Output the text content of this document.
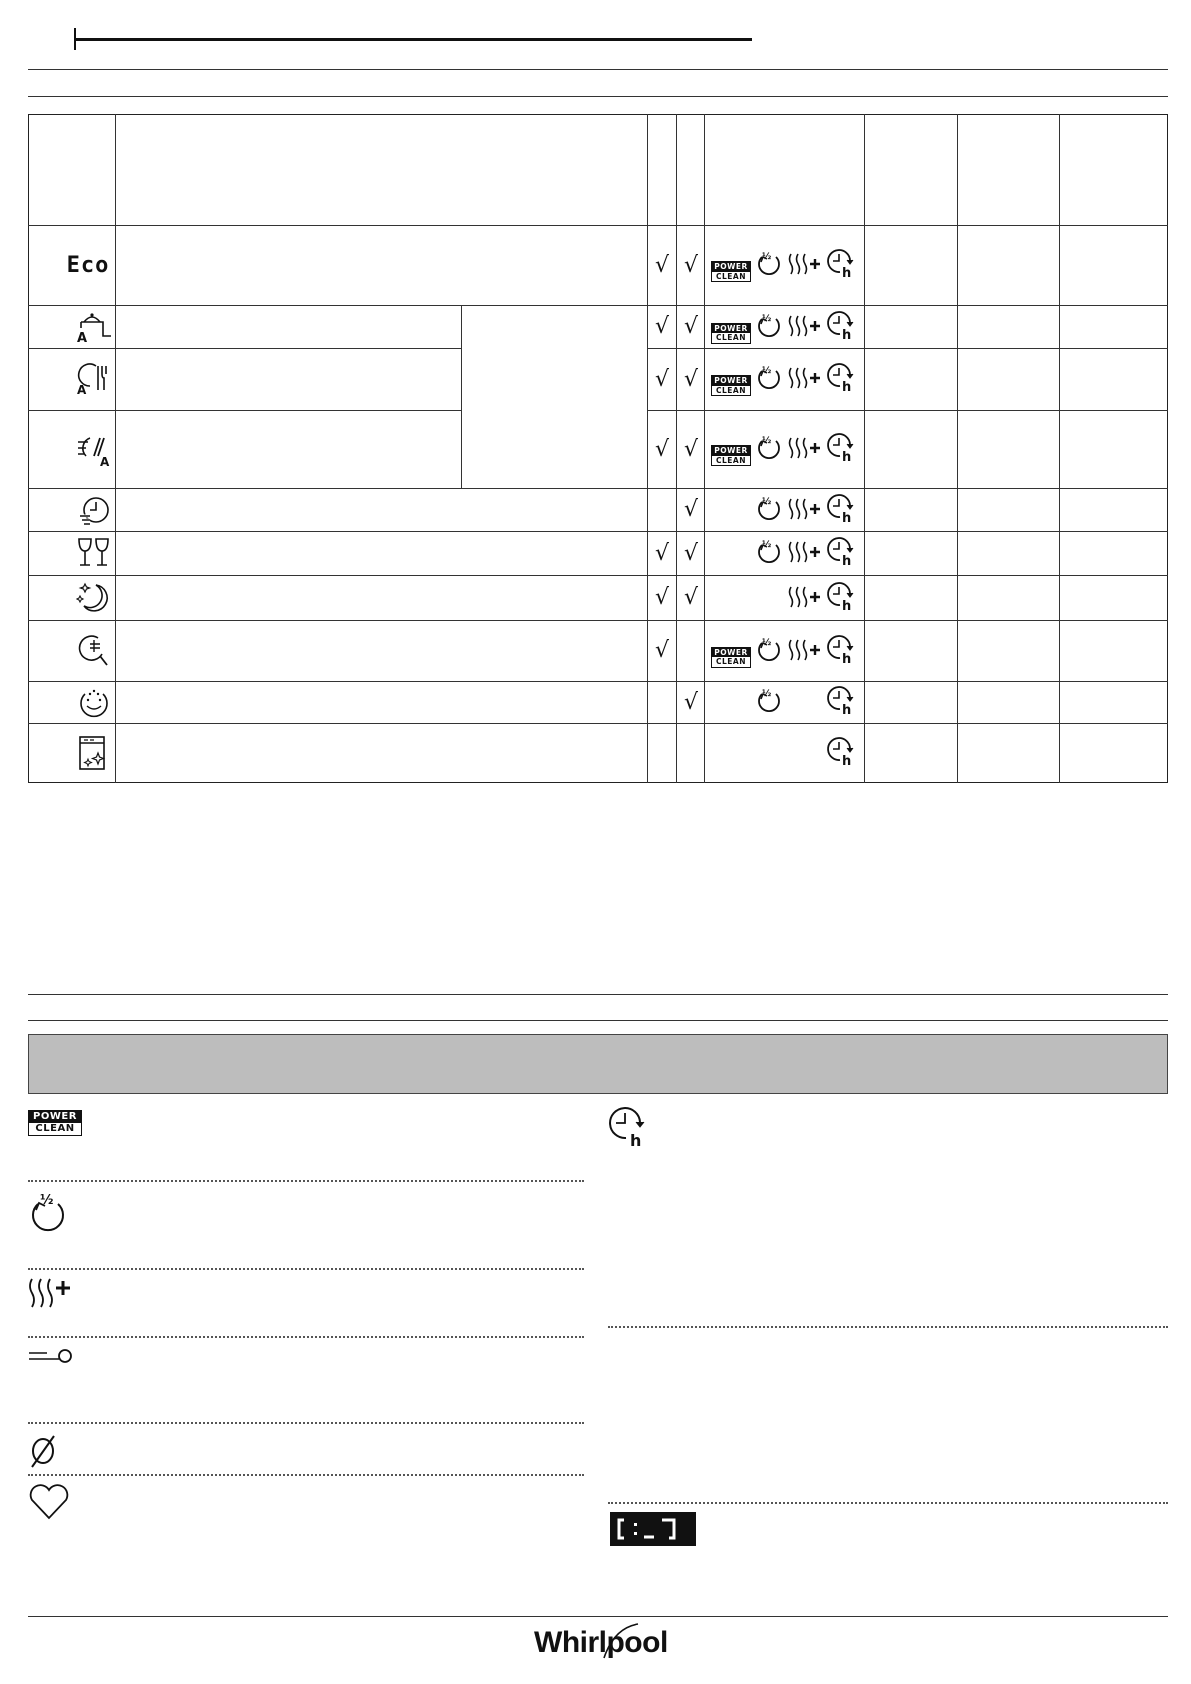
Eco
A
A
A
√ √
√ √
√ √
√ √
√
√ √
√ √
√
√
POWER
CLEAN
½
POWER
CLEAN
½
POWER
CLEAN
½
POWER
CLEAN
½
½
½
POWER
CLEAN
½
½
POWER
CLEAN
½
h
Whirlpool
